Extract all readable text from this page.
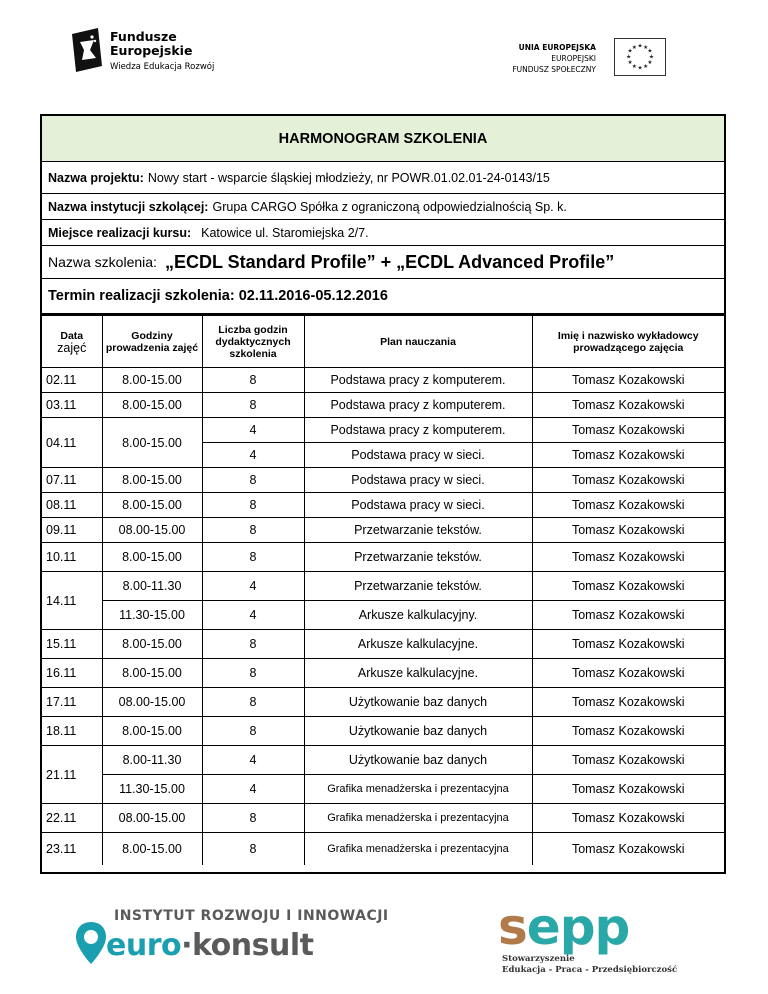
Fundusze
Europejskie
Wiedza Edukacja Rozwój
UNIA EUROPEJSKA
EUROPEJSKI
FUNDUSZ SPOŁECZNY
★ ★
★
★
★
★
★
★
★
★
★
★
HARMONOGRAM SZKOLENIA
Nazwa projektu: Nowy start - wsparcie śląskiej młodzieży, nr POWR.01.02.01-24-0143/15
Nazwa instytucji szkolącej: Grupa CARGO Spółka z ograniczoną odpowiedzialnością Sp. k.
Miejsce realizacji kursu: Katowice ul. Staromiejska 2/7.
Nazwa szkolenia: „ECDL Standard Profile” + „ECDL Advanced Profile”
Termin realizacji szkolenia: 02.11.2016-05.12.2016
Data
zajęć	Godziny prowadzenia zajęć	Liczba godzin dydaktycznych szkolenia	Plan nauczania	Imię i nazwisko wykładowcy prowadzącego zajęcia
02.11	8.00-15.00	8	Podstawa pracy z komputerem.	Tomasz Kozakowski
03.11	8.00-15.00	8	Podstawa pracy z komputerem.	Tomasz Kozakowski
04.11	8.00-15.00	4	Podstawa pracy z komputerem.	Tomasz Kozakowski
		4	Podstawa pracy w sieci.	Tomasz Kozakowski
07.11	8.00-15.00	8	Podstawa pracy w sieci.	Tomasz Kozakowski
08.11	8.00-15.00	8	Podstawa pracy w sieci.	Tomasz Kozakowski
09.11	08.00-15.00	8	Przetwarzanie tekstów.	Tomasz Kozakowski
10.11	8.00-15.00	8	Przetwarzanie tekstów.	Tomasz Kozakowski
14.11	8.00-11.30	4	Przetwarzanie tekstów.	Tomasz Kozakowski
	11.30-15.00	4	Arkusze kalkulacyjny.	Tomasz Kozakowski
15.11	8.00-15.00	8	Arkusze kalkulacyjne.	Tomasz Kozakowski
16.11	8.00-15.00	8	Arkusze kalkulacyjne.	Tomasz Kozakowski
17.11	08.00-15.00	8	Użytkowanie baz danych	Tomasz Kozakowski
18.11	8.00-15.00	8	Użytkowanie baz danych	Tomasz Kozakowski
21.11	8.00-11.30	4	Użytkowanie baz danych	Tomasz Kozakowski
	11.30-15.00	4	Grafika menadżerska i prezentacyjna	Tomasz Kozakowski
22.11	08.00-15.00	8	Grafika menadżerska i prezentacyjna	Tomasz Kozakowski
23.11	8.00-15.00	8	Grafika menadżerska i prezentacyjna	Tomasz Kozakowski
INSTYTUT ROZWOJU I INNOWACJI
euro·konsult	sepp
Stowarzyszenie
Edukacja - Praca - Przedsiębiorczość
